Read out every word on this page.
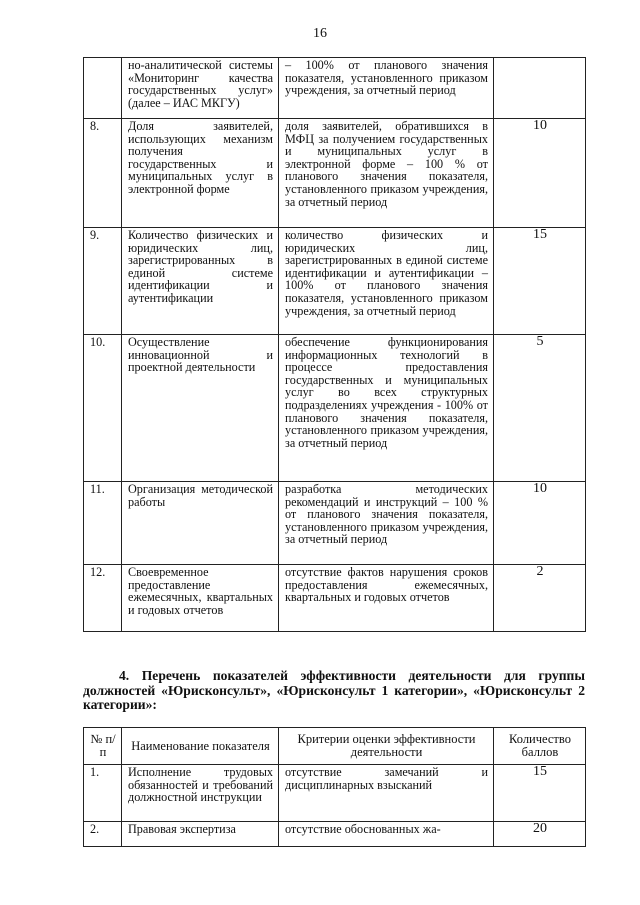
16
	но-аналитической системы «Мониторинг качества государственных услуг» (далее – ИАС МКГУ)	– 100% от планового значения показателя, установленного приказом учреждения, за отчетный период	
8.	Доля заявителей, использующих механизм получения государственных и муниципальных услуг в электронной форме	доля заявителей, обратившихся в МФЦ за получением государственных и муниципальных услуг в электронной форме – 100 % от планового значения показателя, установленного приказом учреждения, за отчетный период	10
9.	Количество физических и юридических лиц, зарегистрированных в единой системе идентификации и аутентификации	количество физических и юридических лиц, зарегистрированных в единой системе идентификации и аутентификации – 100% от планового значения показателя, установленного приказом учреждения, за отчетный период	15
10.	Осуществление инновационной и проектной деятельности	обеспечение функционирования информационных технологий в процессе предоставления государственных и муниципальных услуг во всех структурных подразделениях учреждения - 100% от планового значения показателя, установленного приказом учреждения, за отчетный период	5
11.	Организация методической работы	разработка методических рекомендаций и инструкций – 100 % от планового значения показателя, установленного приказом учреждения, за отчетный период	10
12.	Своевременное предоставление ежемесячных, квартальных и годовых отчетов	отсутствие фактов нарушения сроков предоставления ежемесячных, квартальных и годовых отчетов	2
4. Перечень показателей эффективности деятельности для группы должностей «Юрисконсульт», «Юрисконсульт 1 категории», «Юрисконсульт 2 категории»:
№ п/п	Наименование показателя	Критерии оценки эффективности деятельности	Количество баллов
1.	Исполнение трудовых обязанностей и требований должностной инструкции	отсутствие замечаний и дисциплинарных взысканий	15
2.	Правовая экспертиза	отсутствие обоснованных жа-	20
